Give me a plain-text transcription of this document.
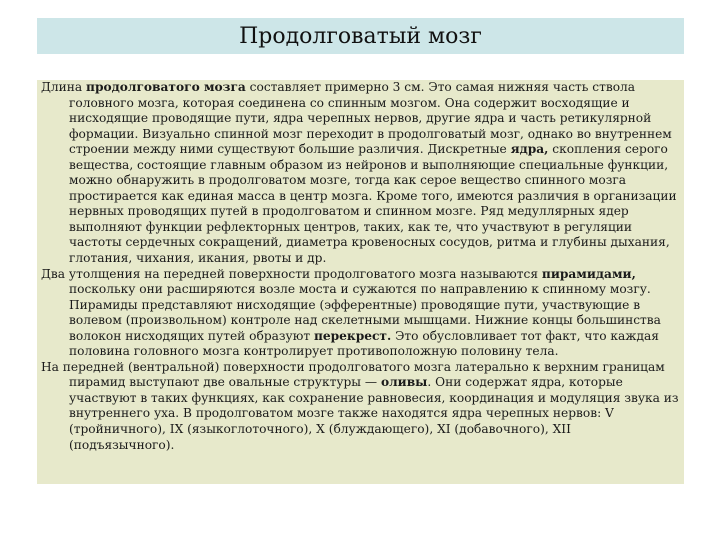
Продолговатый мозг

Длина продолговатого мозга составляет примерно 3 см. Это самая нижняя часть ствола головного мозга, которая соединена со спинным мозгом. Она содержит восходящие и нисходящие проводящие пути, ядра черепных нервов, другие ядра и часть ретикулярной формации. Визуально спинной мозг переходит в продолговатый мозг, однако во внутреннем строении между ними существуют большие различия. Дискретные ядра, скопления серого вещества, состоящие главным образом из нейронов и выполняющие специальные функции, можно обнаружить в продолговатом мозге, тогда как серое вещество спинного мозга простирается как единая масса в центр мозга. Кроме того, имеются различия в организации нервных проводящих путей в продолговатом и спинном мозге. Ряд медуллярных ядер выполняют функции рефлекторных центров, таких, как те, что участвуют в регуляции частоты сердечных сокращений, диаметра кровеносных сосудов, ритма и глубины дыхания, глотания, чихания, икания, рвоты и др.

Два утолщения на передней поверхности продолговатого мозга называются пирамидами, поскольку они расширяются возле моста и сужаются по направлению к спинному мозгу. Пирамиды представляют нисходящие (эфферентные) проводящие пути, участвующие в волевом (произвольном) контроле над скелетными мышцами. Нижние концы большинства волокон нисходящих путей образуют перекрест. Это обусловливает тот факт, что каждая половина головного мозга контролирует противоположную половину тела.

На передней (вентральной) поверхности продолговатого мозга латерально к верхним границам пирамид выступают две овальные структуры — оливы. Они содержат ядра, которые участвуют в таких функциях, как сохранение равновесия, координация и модуляция звука из внутреннего уха. В продолговатом мозге также находятся ядра черепных нервов: V (тройничного), IX (языкоглоточного), X (блуждающего), XI (добавочного), XII (подъязычного).
